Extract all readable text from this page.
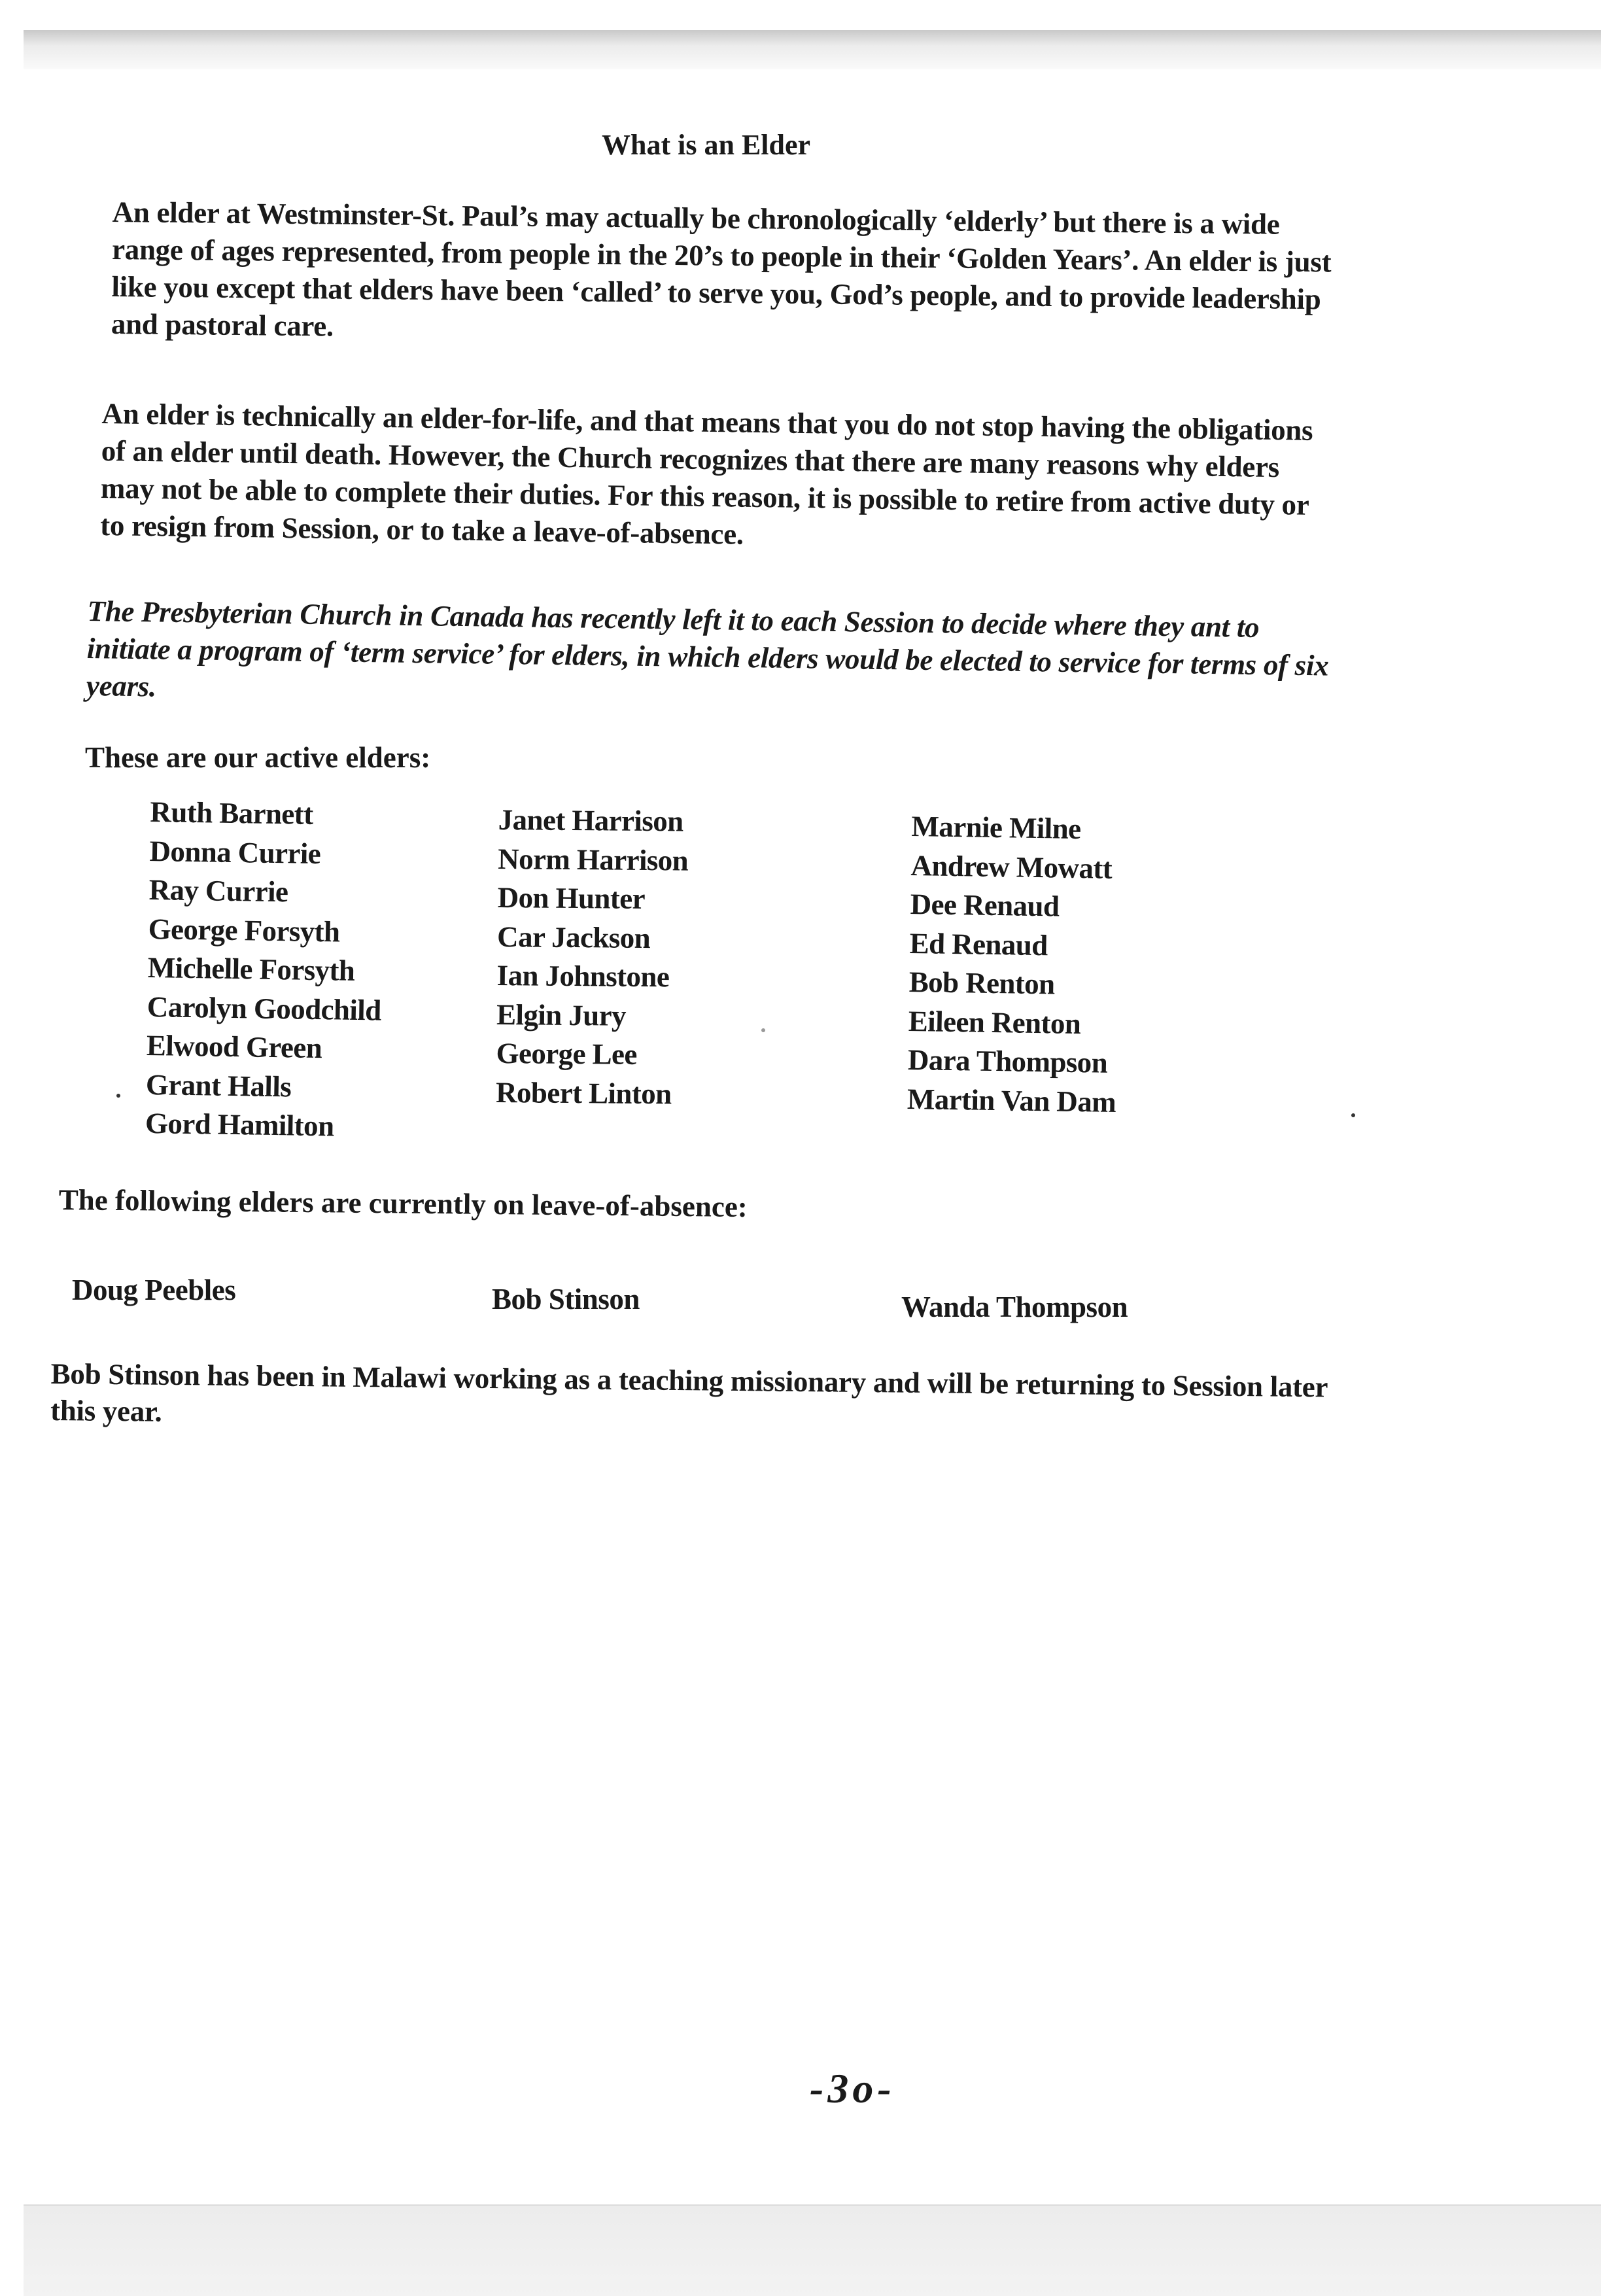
What is an Elder

An elder at Westminster-St. Paul’s may actually be chronologically ‘elderly’ but there is a wide range of ages represented, from people in the 20’s to people in their ‘Golden Years’. An elder is just like you except that elders have been ‘called’ to serve you, God’s people, and to provide leadership and pastoral care.

An elder is technically an elder-for-life, and that means that you do not stop having the obligations of an elder until death. However, the Church recognizes that there are many reasons why elders may not be able to complete their duties. For this reason, it is possible to retire from active duty or to resign from Session, or to take a leave-of-absence.

The Presbyterian Church in Canada has recently left it to each Session to decide where they ant to initiate a program of ‘term service’ for elders, in which elders would be elected to service for terms of six years.

These are our active elders:

Ruth Barnett
Donna Currie
Ray Currie
George Forsyth
Michelle Forsyth
Carolyn Goodchild
Elwood Green
Grant Halls
Gord Hamilton
Janet Harrison
Norm Harrison
Don Hunter
Car Jackson
Ian Johnstone
Elgin Jury
George Lee
Robert Linton
Marnie Milne
Andrew Mowatt
Dee Renaud
Ed Renaud
Bob Renton
Eileen Renton
Dara Thompson
Martin Van Dam

The following elders are currently on leave-of-absence:

Doug Peebles	Bob Stinson	Wanda Thompson

Bob Stinson has been in Malawi working as a teaching missionary and will be returning to Session later this year.

-3o-
